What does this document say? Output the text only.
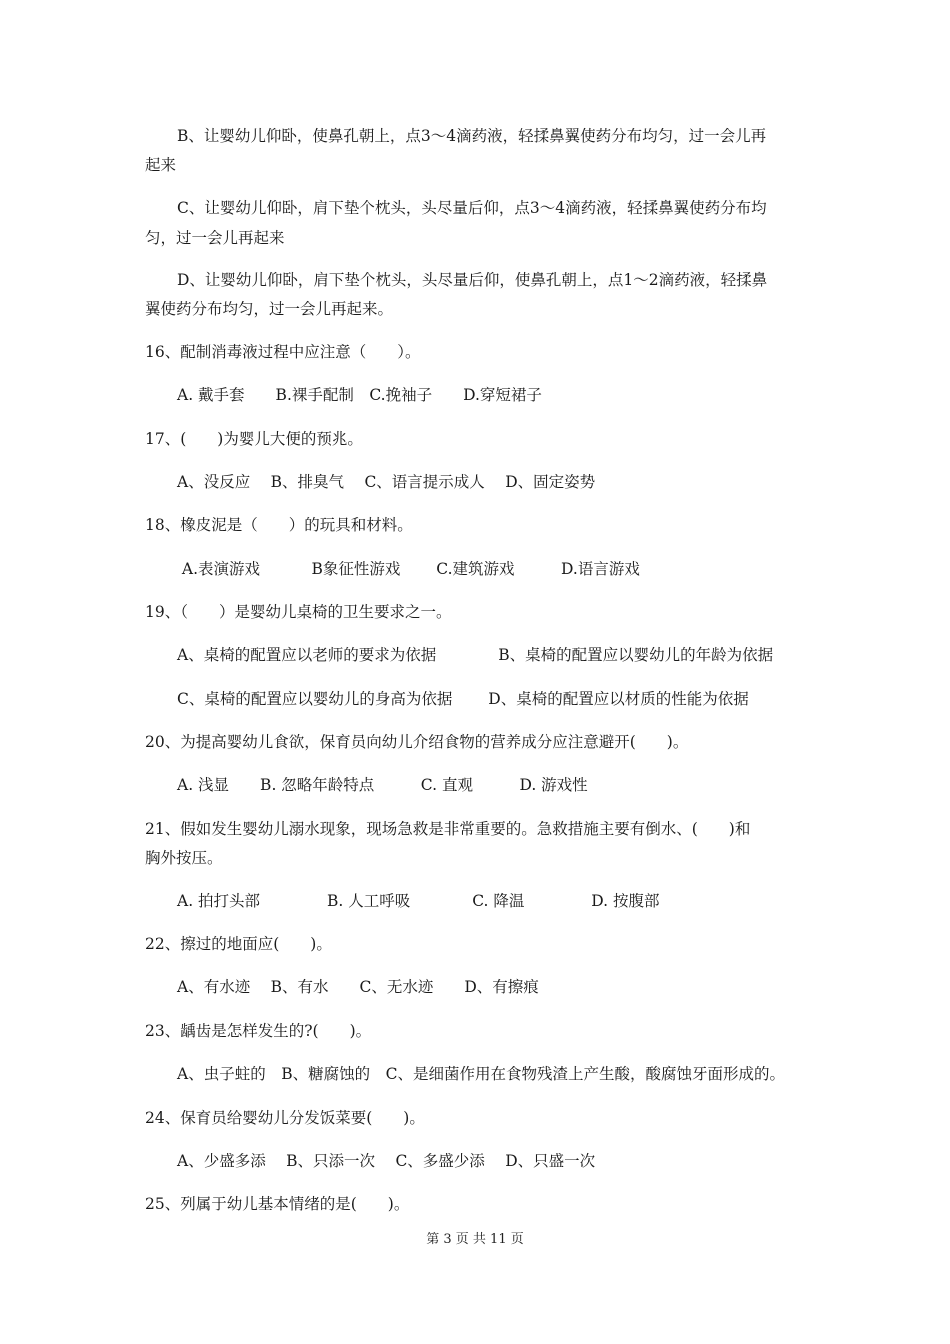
B、让婴幼儿仰卧，使鼻孔朝上，点3～4滴药液，轻揉鼻翼使药分布均匀，过一会儿再
起来
C、让婴幼儿仰卧，肩下垫个枕头，头尽量后仰，点3～4滴药液，轻揉鼻翼使药分布均
匀，过一会儿再起来
D、让婴幼儿仰卧，肩下垫个枕头，头尽量后仰，使鼻孔朝上，点1～2滴药液，轻揉鼻
翼使药分布均匀，过一会儿再起来。
16、配制消毒液过程中应注意（　　）。
A. 戴手套　　B.裸手配制　C.挽袖子　　D.穿短裙子
17、(　　)为婴儿大便的预兆。
A、没反应　 B、排臭气　 C、语言提示成人　 D、固定姿势
18、橡皮泥是（　　）的玩具和材料。
A.表演游戏　　　 B象征性游戏　　 C.建筑游戏　　　D.语言游戏
19、（　　）是婴幼儿桌椅的卫生要求之一。
A、桌椅的配置应以老师的要求为依据　　　　B、桌椅的配置应以婴幼儿的年龄为依据
C、桌椅的配置应以婴幼儿的身高为依据　　 D、桌椅的配置应以材质的性能为依据
20、为提高婴幼儿食欲，保育员向幼儿介绍食物的营养成分应注意避开(　　)。
A. 浅显　　B. 忽略年龄特点　　　C. 直观　　　D. 游戏性
21、假如发生婴幼儿溺水现象，现场急救是非常重要的。急救措施主要有倒水、(　　)和
胸外按压。
A. 拍打头部　　　　 B. 人工呼吸　　　　C. 降温　　　　 D. 按腹部
22、擦过的地面应(　　)。
A、有水迹　 B、有水　　C、无水迹　　D、有擦痕
23、龋齿是怎样发生的?(　　)。
A、虫子蛀的　B、糖腐蚀的　C、是细菌作用在食物残渣上产生酸，酸腐蚀牙面形成的。
24、保育员给婴幼儿分发饭菜要(　　)。
A、少盛多添　 B、只添一次　 C、多盛少添　 D、只盛一次
25、列属于幼儿基本情绪的是(　　)。
第 3 页 共 11 页
